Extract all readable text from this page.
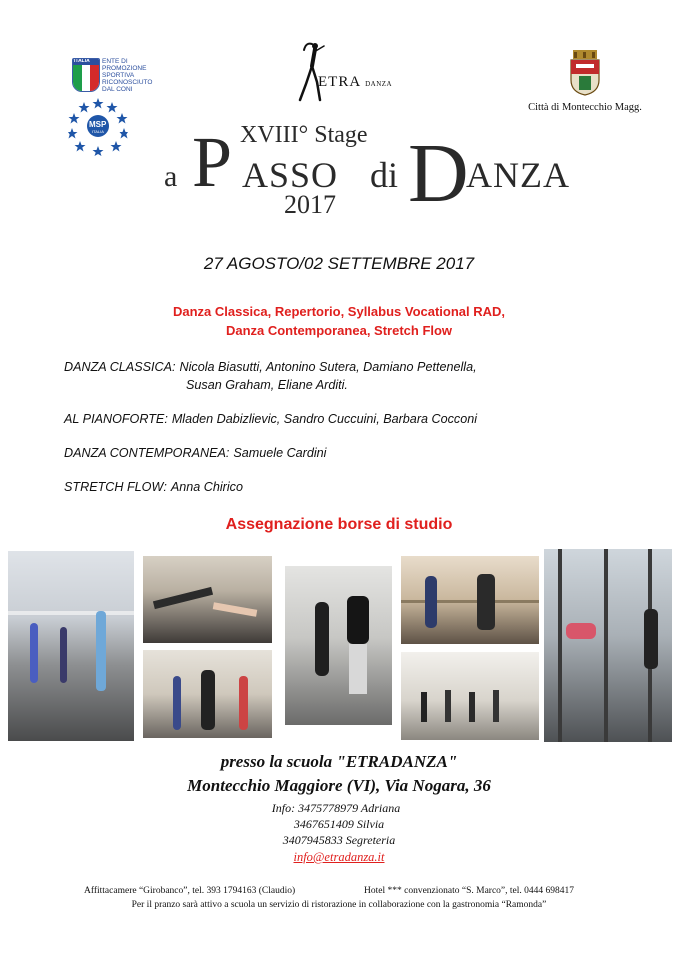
ITALIA ENTE DI PROMOZIONE
SPORTIVA
RICONOSCIUTO
DAL CONI
MSP
ITALIA
ETRA DANZA
Città di Montecchio Magg.
XVIII° Stage
a P ASSO di D
ANZA
2017
27 AGOSTO/02 SETTEMBRE 2017
Danza Classica, Repertorio, Syllabus Vocational RAD,
Danza Contemporanea, Stretch Flow
DANZA CLASSICA: Nicola Biasutti, Antonino Sutera, Damiano Pettenella,
Susan Graham, Eliane Arditi.
AL PIANOFORTE: Mladen Dabizlievic, Sandro Cuccuini, Barbara Cocconi
DANZA CONTEMPORANEA: Samuele Cardini
STRETCH FLOW: Anna Chirico
Assegnazione borse di studio
presso la scuola "ETRADANZA"
Montecchio Maggiore (VI), Via Nogara, 36
Info: 3475778979 Adriana
3467651409 Silvia
3407945833 Segreteria
info@etradanza.it
Affittacamere “Girobanco”, tel. 393 1794163 (Claudio)	Hotel *** convenzionato “S. Marco”, tel. 0444 698417
Per il pranzo sarà attivo a scuola un servizio di ristorazione in collaborazione con la gastronomia “Ramonda”
